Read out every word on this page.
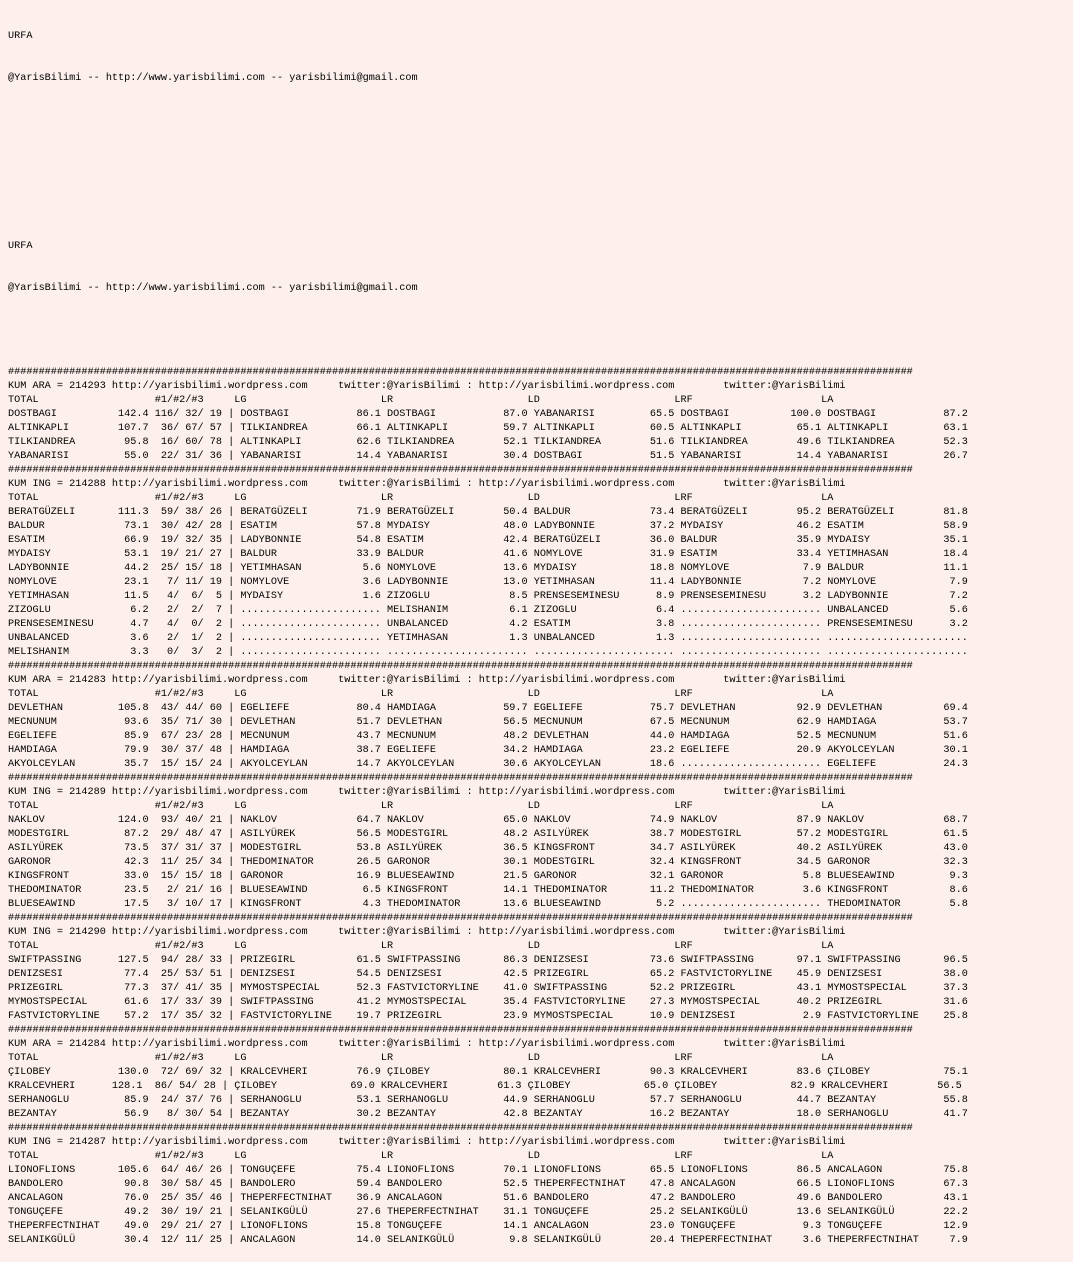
URFA

@YarisBilimi -- http://www.yarisbilimi.com -- yarisbilimi@gmail.com

URFA

@YarisBilimi -- http://www.yarisbilimi.com -- yarisbilimi@gmail.com

####################################################################################################################################################
KUM ARA = 214293 http://yarisbilimi.wordpress.com     twitter:@YarisBilimi : http://yarisbilimi.wordpress.com        twitter:@YarisBilimi
TOTAL                   #1/#2/#3     LG                      LR                      LD                      LRF                     LA
DOSTBAGI          142.4 116/ 32/ 19 | DOSTBAGI           86.1 DOSTBAGI           87.0 YABANARISI         65.5 DOSTBAGI          100.0 DOSTBAGI           87.2
ALTINKAPLI        107.7  36/ 67/ 57 | TILKIANDREA        66.1 ALTINKAPLI         59.7 ALTINKAPLI         60.5 ALTINKAPLI         65.1 ALTINKAPLI         63.1
TILKIANDREA        95.8  16/ 60/ 78 | ALTINKAPLI         62.6 TILKIANDREA        52.1 TILKIANDREA        51.6 TILKIANDREA        49.6 TILKIANDREA        52.3
YABANARISI         55.0  22/ 31/ 36 | YABANARISI         14.4 YABANARISI         30.4 DOSTBAGI           51.5 YABANARISI         14.4 YABANARISI         26.7
####################################################################################################################################################
KUM ING = 214288 http://yarisbilimi.wordpress.com     twitter:@YarisBilimi : http://yarisbilimi.wordpress.com        twitter:@YarisBilimi
TOTAL                   #1/#2/#3     LG                      LR                      LD                      LRF                     LA
BERATGÜZELI       111.3  59/ 38/ 26 | BERATGÜZELI        71.9 BERATGÜZELI        50.4 BALDUR             73.4 BERATGÜZELI        95.2 BERATGÜZELI        81.8
BALDUR             73.1  30/ 42/ 28 | ESATIM             57.8 MYDAISY            48.0 LADYBONNIE         37.2 MYDAISY            46.2 ESATIM             58.9
ESATIM             66.9  19/ 32/ 35 | LADYBONNIE         54.8 ESATIM             42.4 BERATGÜZELI        36.0 BALDUR             35.9 MYDAISY            35.1
MYDAISY            53.1  19/ 21/ 27 | BALDUR             33.9 BALDUR             41.6 NOMYLOVE           31.9 ESATIM             33.4 YETIMHASAN         18.4
LADYBONNIE         44.2  25/ 15/ 18 | YETIMHASAN          5.6 NOMYLOVE           13.6 MYDAISY            18.8 NOMYLOVE            7.9 BALDUR             11.1
NOMYLOVE           23.1   7/ 11/ 19 | NOMYLOVE            3.6 LADYBONNIE         13.0 YETIMHASAN         11.4 LADYBONNIE          7.2 NOMYLOVE            7.9
YETIMHASAN         11.5   4/  6/  5 | MYDAISY             1.6 ZIZOGLU             8.5 PRENSESEMINESU      8.9 PRENSESEMINESU      3.2 LADYBONNIE          7.2
ZIZOGLU             6.2   2/  2/  7 | ....................... MELISHANIM          6.1 ZIZOGLU             6.4 ....................... UNBALANCED          5.6
PRENSESEMINESU      4.7   4/  0/  2 | ....................... UNBALANCED          4.2 ESATIM              3.8 ....................... PRENSESEMINESU      3.2
UNBALANCED          3.6   2/  1/  2 | ....................... YETIMHASAN          1.3 UNBALANCED          1.3 ....................... .......................
MELISHANIM          3.3   0/  3/  2 | ....................... ....................... ....................... ....................... .......................
####################################################################################################################################################
KUM ARA = 214283 http://yarisbilimi.wordpress.com     twitter:@YarisBilimi : http://yarisbilimi.wordpress.com        twitter:@YarisBilimi
TOTAL                   #1/#2/#3     LG                      LR                      LD                      LRF                     LA
DEVLETHAN         105.8  43/ 44/ 60 | EGELIEFE           80.4 HAMDIAGA           59.7 EGELIEFE           75.7 DEVLETHAN          92.9 DEVLETHAN          69.4
MECNUNUM           93.6  35/ 71/ 30 | DEVLETHAN          51.7 DEVLETHAN          56.5 MECNUNUM           67.5 MECNUNUM           62.9 HAMDIAGA           53.7
EGELIEFE           85.9  67/ 23/ 28 | MECNUNUM           43.7 MECNUNUM           48.2 DEVLETHAN          44.0 HAMDIAGA           52.5 MECNUNUM           51.6
HAMDIAGA           79.9  30/ 37/ 48 | HAMDIAGA           38.7 EGELIEFE           34.2 HAMDIAGA           23.2 EGELIEFE           20.9 AKYOLCEYLAN        30.1
AKYOLCEYLAN        35.7  15/ 15/ 24 | AKYOLCEYLAN        14.7 AKYOLCEYLAN        30.6 AKYOLCEYLAN        18.6 ....................... EGELIEFE           24.3
####################################################################################################################################################
KUM ING = 214289 http://yarisbilimi.wordpress.com     twitter:@YarisBilimi : http://yarisbilimi.wordpress.com        twitter:@YarisBilimi
TOTAL                   #1/#2/#3     LG                      LR                      LD                      LRF                     LA
NAKLOV            124.0  93/ 40/ 21 | NAKLOV             64.7 NAKLOV             65.0 NAKLOV             74.9 NAKLOV             87.9 NAKLOV             68.7
MODESTGIRL         87.2  29/ 48/ 47 | ASILYÜREK          56.5 MODESTGIRL         48.2 ASILYÜREK          38.7 MODESTGIRL         57.2 MODESTGIRL         61.5
ASILYÜREK          73.5  37/ 31/ 37 | MODESTGIRL         53.8 ASILYÜREK          36.5 KINGSFRONT         34.7 ASILYÜREK          40.2 ASILYÜREK          43.0
GARONOR            42.3  11/ 25/ 34 | THEDOMINATOR       26.5 GARONOR            30.1 MODESTGIRL         32.4 KINGSFRONT         34.5 GARONOR            32.3
KINGSFRONT         33.0  15/ 15/ 18 | GARONOR            16.9 BLUESEAWIND        21.5 GARONOR            32.1 GARONOR             5.8 BLUESEAWIND         9.3
THEDOMINATOR       23.5   2/ 21/ 16 | BLUESEAWIND         6.5 KINGSFRONT         14.1 THEDOMINATOR       11.2 THEDOMINATOR        3.6 KINGSFRONT          8.6
BLUESEAWIND        17.5   3/ 10/ 17 | KINGSFRONT          4.3 THEDOMINATOR       13.6 BLUESEAWIND         5.2 ....................... THEDOMINATOR        5.8
####################################################################################################################################################
KUM ING = 214290 http://yarisbilimi.wordpress.com     twitter:@YarisBilimi : http://yarisbilimi.wordpress.com        twitter:@YarisBilimi
TOTAL                   #1/#2/#3     LG                      LR                      LD                      LRF                     LA
SWIFTPASSING      127.5  94/ 28/ 33 | PRIZEGIRL          61.5 SWIFTPASSING       86.3 DENIZSESI          73.6 SWIFTPASSING       97.1 SWIFTPASSING       96.5
DENIZSESI          77.4  25/ 53/ 51 | DENIZSESI          54.5 DENIZSESI          42.5 PRIZEGIRL          65.2 FASTVICTORYLINE    45.9 DENIZSESI          38.0
PRIZEGIRL          77.3  37/ 41/ 35 | MYMOSTSPECIAL      52.3 FASTVICTORYLINE    41.0 SWIFTPASSING       52.2 PRIZEGIRL          43.1 MYMOSTSPECIAL      37.3
MYMOSTSPECIAL      61.6  17/ 33/ 39 | SWIFTPASSING       41.2 MYMOSTSPECIAL      35.4 FASTVICTORYLINE    27.3 MYMOSTSPECIAL      40.2 PRIZEGIRL          31.6
FASTVICTORYLINE    57.2  17/ 35/ 32 | FASTVICTORYLINE    19.7 PRIZEGIRL          23.9 MYMOSTSPECIAL      10.9 DENIZSESI           2.9 FASTVICTORYLINE    25.8
####################################################################################################################################################
KUM ARA = 214284 http://yarisbilimi.wordpress.com     twitter:@YarisBilimi : http://yarisbilimi.wordpress.com        twitter:@YarisBilimi
TOTAL                   #1/#2/#3     LG                      LR                      LD                      LRF                     LA
ÇILOBEY           130.0  72/ 69/ 32 | KRALCEVHERI        76.9 ÇILOBEY            80.1 KRALCEVHERI        90.3 KRALCEVHERI        83.6 ÇILOBEY            75.1
KRALCEVHERI      128.1  86/ 54/ 28 | ÇILOBEY            69.0 KRALCEVHERI        61.3 ÇILOBEY            65.0 ÇILOBEY            82.9 KRALCEVHERI        56.5
SERHANOGLU         85.9  24/ 37/ 76 | SERHANOGLU         53.1 SERHANOGLU         44.9 SERHANOGLU         57.7 SERHANOGLU         44.7 BEZANTAY           55.8
BEZANTAY           56.9   8/ 30/ 54 | BEZANTAY           30.2 BEZANTAY           42.8 BEZANTAY           16.2 BEZANTAY           18.0 SERHANOGLU         41.7
####################################################################################################################################################
KUM ING = 214287 http://yarisbilimi.wordpress.com     twitter:@YarisBilimi : http://yarisbilimi.wordpress.com        twitter:@YarisBilimi
TOTAL                   #1/#2/#3     LG                      LR                      LD                      LRF                     LA
LIONOFLIONS       105.6  64/ 46/ 26 | TONGUÇEFE          75.4 LIONOFLIONS        70.1 LIONOFLIONS        65.5 LIONOFLIONS        86.5 ANCALAGON          75.8
BANDOLERO          90.8  30/ 58/ 45 | BANDOLERO          59.4 BANDOLERO          52.5 THEPERFECTNIHAT    47.8 ANCALAGON          66.5 LIONOFLIONS        67.3
ANCALAGON          76.0  25/ 35/ 46 | THEPERFECTNIHAT    36.9 ANCALAGON          51.6 BANDOLERO          47.2 BANDOLERO          49.6 BANDOLERO          43.1
TONGUÇEFE          49.2  30/ 19/ 21 | SELANIKGÜLÜ        27.6 THEPERFECTNIHAT    31.1 TONGUÇEFE          25.2 SELANIKGÜLÜ        13.6 SELANIKGÜLÜ        22.2
THEPERFECTNIHAT    49.0  29/ 21/ 27 | LIONOFLIONS        15.8 TONGUÇEFE          14.1 ANCALAGON          23.0 TONGUÇEFE           9.3 TONGUÇEFE          12.9
SELANIKGÜLÜ        30.4  12/ 11/ 25 | ANCALAGON          14.0 SELANIKGÜLÜ         9.8 SELANIKGÜLÜ        20.4 THEPERFECTNIHAT     3.6 THEPERFECTNIHAT     7.9
